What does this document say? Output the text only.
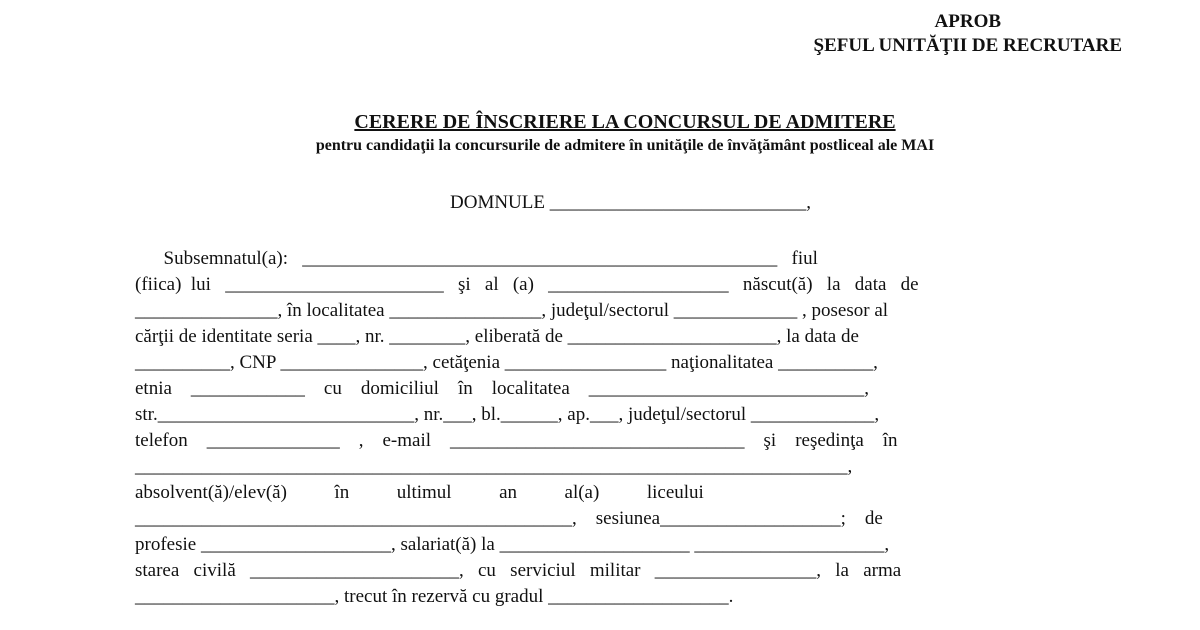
APROB
ŞEFUL UNITĂŢII DE RECRUTARE
CERERE DE ÎNSCRIERE LA CONCURSUL DE ADMITERE
pentru candidaţii la concursurile de admitere în unităţile de învăţământ postliceal ale MAI
DOMNULE ___________________________,
Subsemnatul(a):   __________________________________________________   fiul
(fiica)  lui   _______________________   şi   al   (a)   ___________________   născut(ă)   la   data   de
_______________, în localitatea ________________, judeţul/sectorul _____________ , posesor al
cărţii de identitate seria ____, nr. ________, eliberată de ______________________, la data de
__________, CNP _______________, cetăţenia _________________ naţionalitatea __________,
etnia    ____________    cu    domiciliul    în    localitatea    _____________________________,
str.___________________________, nr.___, bl.______, ap.___, judeţul/sectorul _____________,
telefon    ______________    ,    e-mail    _______________________________    şi    reşedinţa    în
___________________________________________________________________________,
absolvent(ă)/elev(ă)          în          ultimul          an          al(a)          liceului
______________________________________________,    sesiunea___________________;    de
profesie ____________________, salariat(ă) la ____________________ ____________________,
starea   civilă   ______________________,   cu   serviciul   militar   _________________,   la   arma
_____________________, trecut în rezervă cu gradul ___________________.
